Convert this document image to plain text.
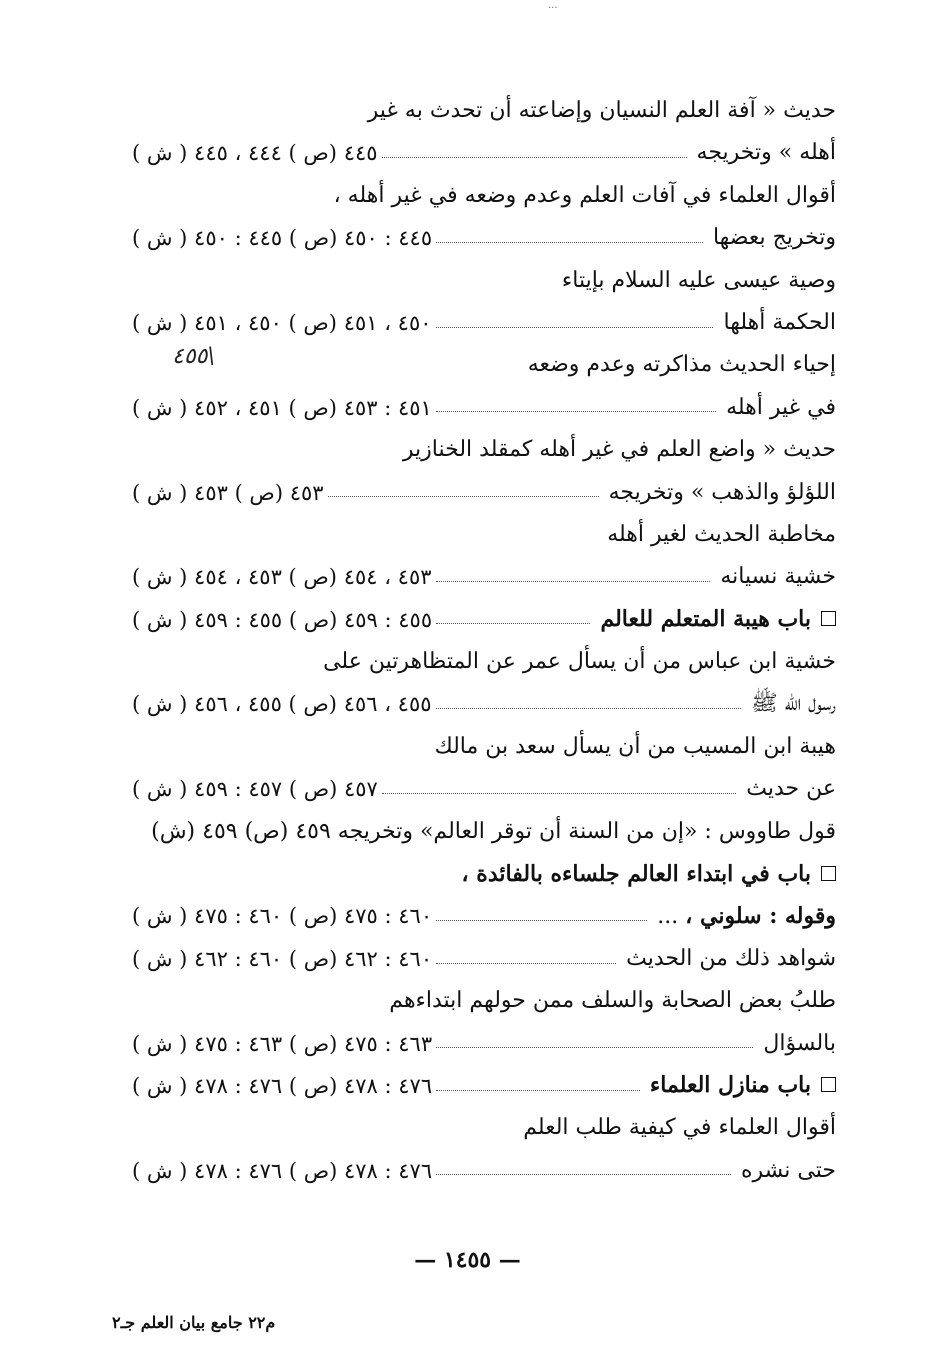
...
حديث « آفة العلم النسيان وإضاعته أن تحدث به غير
أهله » وتخريجه
٤٤٥ (ص ) ٤٤٤ ، ٤٤٥ ( ش )
أقوال العلماء في آفات العلم وعدم وضعه في غير أهله ،
وتخريج بعضها
٤٤٥ : ٤٥٠ (ص ) ٤٤٥ : ٤٥٠ ( ش )
وصية عيسى عليه السلام بإيتاء
الحكمة أهلها
٤٥٠ ، ٤٥١ (ص ) ٤٥٠ ، ٤٥١ ( ش )
إحياء الحديث مذاكرته وعدم وضعه
في غير أهله
٤٥١ : ٤٥٣ (ص ) ٤٥١ ، ٤٥٢ ( ش )
حديث « واضع العلم في غير أهله كمقلد الخنازير
اللؤلؤ والذهب » وتخريجه
٤٥٣ (ص ) ٤٥٣ ( ش )
مخاطبة الحديث لغير أهله
خشية نسيانه
٤٥٣ ، ٤٥٤ (ص ) ٤٥٣ ، ٤٥٤ ( ش )
باب هيبة المتعلم للعالم
٤٥٥ : ٤٥٩ (ص ) ٤٥٥ : ٤٥٩ ( ش )
خشية ابن عباس من أن يسأل عمر عن المتظاهرتين على
رسول الله ﷺ
٤٥٥ ، ٤٥٦ (ص ) ٤٥٥ ، ٤٥٦ ( ش )
هيبة ابن المسيب من أن يسأل سعد بن مالك
عن حديث
٤٥٧ (ص ) ٤٥٧ : ٤٥٩ ( ش )
قول طاووس : «إن من السنة أن توقر العالم» وتخريجه ٤٥٩ (ص) ٤٥٩ (ش)
باب في ابتداء العالم جلساءه بالفائدة ،
وقوله : سلوني ، ...
٤٦٠ : ٤٧٥ (ص ) ٤٦٠ : ٤٧٥ ( ش )
شواهد ذلك من الحديث
٤٦٠ : ٤٦٢ (ص ) ٤٦٠ : ٤٦٢ ( ش )
طلبُ بعض الصحابة والسلف ممن حولهم ابتداءهم
بالسؤال
٤٦٣ : ٤٧٥ (ص ) ٤٦٣ : ٤٧٥ ( ش )
باب منازل العلماء
٤٧٦ : ٤٧٨ (ص ) ٤٧٦ : ٤٧٨ ( ش )
أقوال العلماء في كيفية طلب العلم
حتى نشره
٤٧٦ : ٤٧٨ (ص ) ٤٧٦ : ٤٧٨ ( ش )
٤٥٥\
— ١٤٥٥ —
م٢٢ جامع بيان العلم جـ٢
